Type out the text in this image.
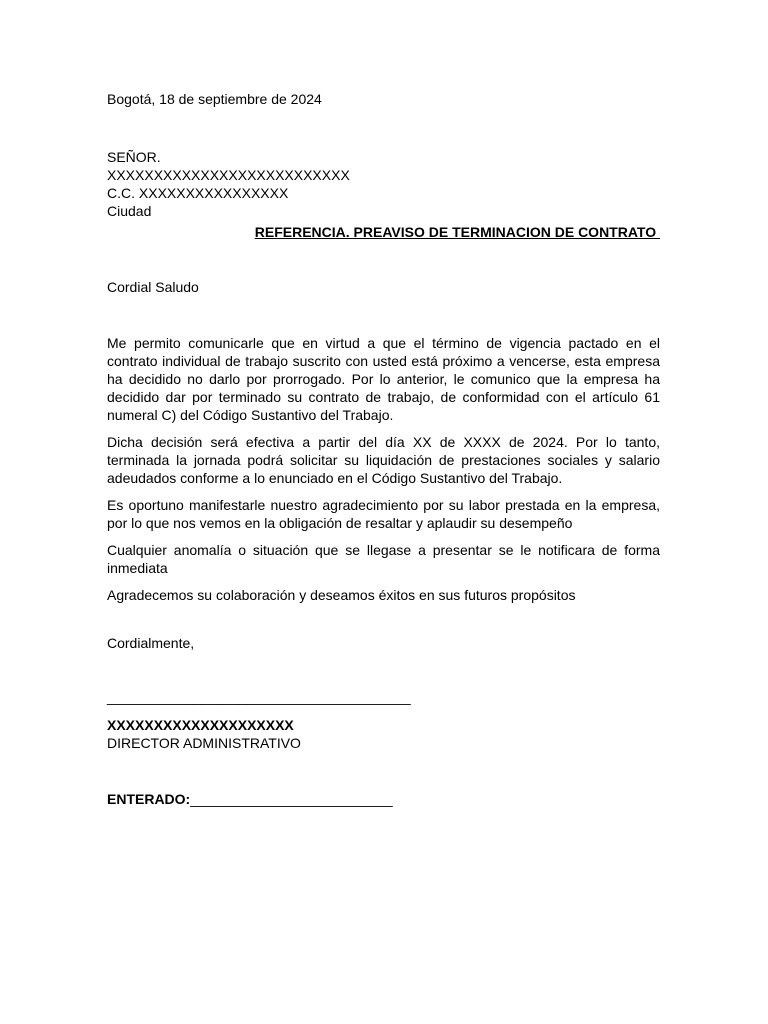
Bogotá, 18 de septiembre de 2024
SEÑOR.
XXXXXXXXXXXXXXXXXXXXXXXXXX
C.C. XXXXXXXXXXXXXXXX
Ciudad
REFERENCIA. PREAVISO DE TERMINACION DE CONTRATO
Cordial Saludo

Me permito comunicarle que en virtud a que el término de vigencia pactado en el contrato individual de trabajo suscrito con usted está próximo a vencerse, esta empresa ha decidido no darlo por prorrogado. Por lo anterior, le comunico que la empresa ha decidido dar por terminado su contrato de trabajo, de conformidad con el artículo 61 numeral C) del Código Sustantivo del Trabajo.

Dicha decisión será efectiva a partir del día XX de XXXX de 2024. Por lo tanto, terminada la jornada podrá solicitar su liquidación de prestaciones sociales y salario adeudados conforme a lo enunciado en el Código Sustantivo del Trabajo.

Es oportuno manifestarle nuestro agradecimiento por su labor prestada en la empresa, por lo que nos vemos en la obligación de resaltar y aplaudir su desempeño

Cualquier anomalía o situación que se llegase a presentar se le notificara de forma inmediata

Agradecemos su colaboración y deseamos éxitos en sus futuros propósitos

Cordialmente,
_______________________________________
XXXXXXXXXXXXXXXXXXXX
DIRECTOR ADMINISTRATIVO
ENTERADO:__________________________
